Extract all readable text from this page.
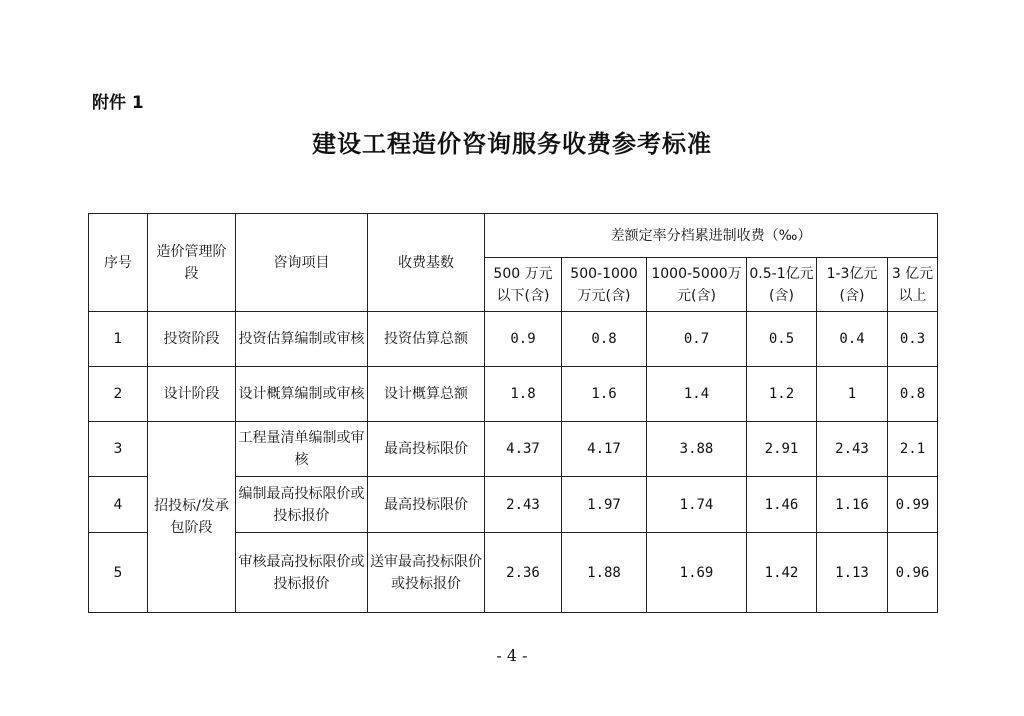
附件 1
建设工程造价咨询服务收费参考标准
序号	造价管理阶段	咨询项目	收费基数	差额定率分档累进制收费（‰）					
				500 万元以下(含)	500-1000万元(含)	1000-5000万元(含)	0.5-1亿元(含)	1-3亿元(含)	3 亿元以上
1	投资阶段	投资估算编制或审核	投资估算总额	0.9	0.8	0.7	0.5	0.4	0.3
2	设计阶段	设计概算编制或审核	设计概算总额	1.8	1.6	1.4	1.2	1	0.8
3	招投标/发承包阶段	工程量清单编制或审核	最高投标限价	4.37	4.17	3.88	2.91	2.43	2.1
4		编制最高投标限价或投标报价	最高投标限价	2.43	1.97	1.74	1.46	1.16	0.99
5		审核最高投标限价或投标报价	送审最高投标限价或投标报价	2.36	1.88	1.69	1.42	1.13	0.96
- 4 -
